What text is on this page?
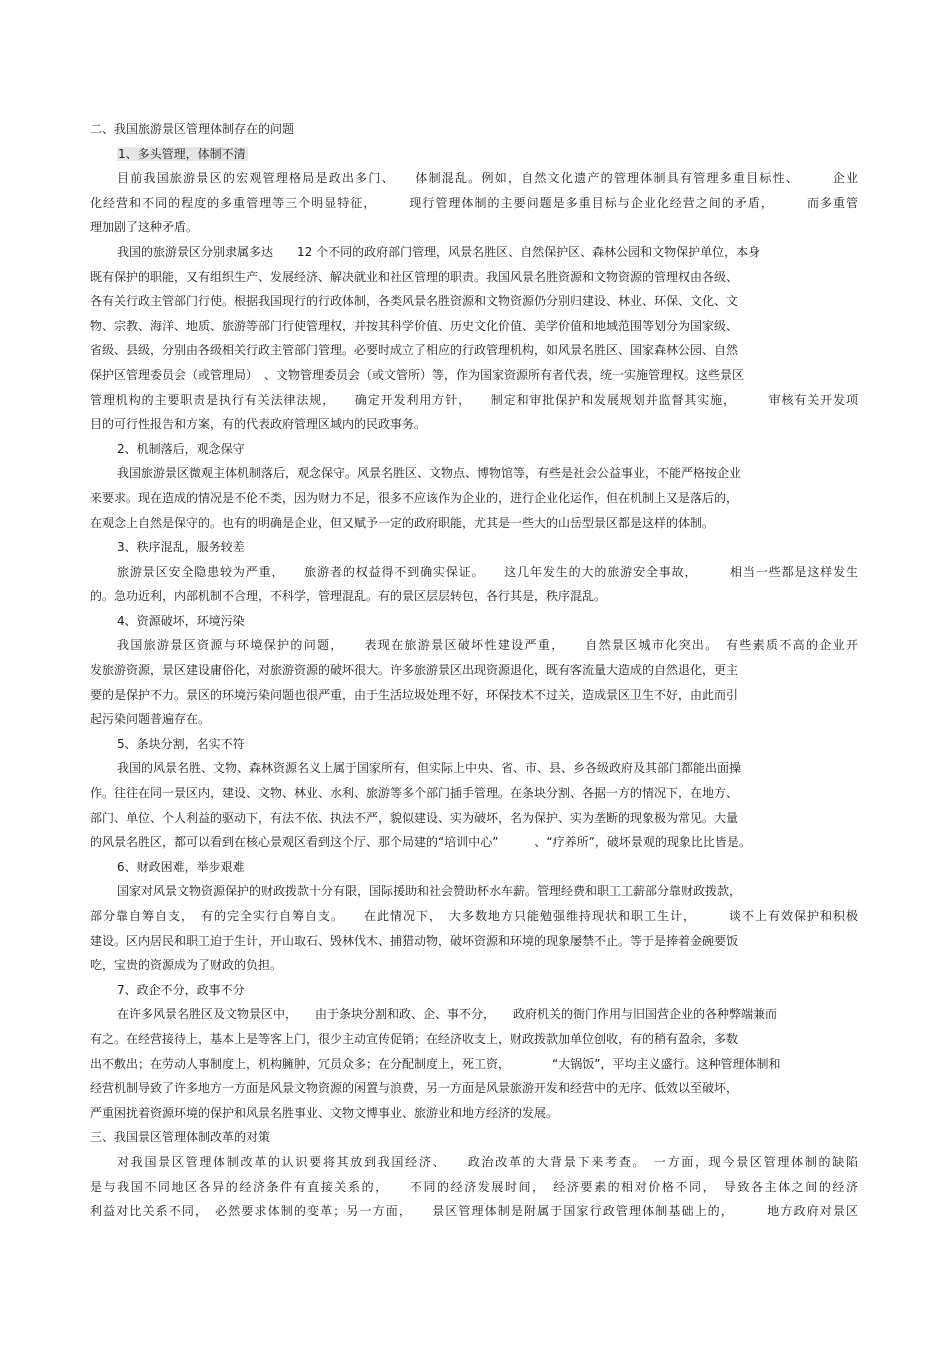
二、我国旅游景区管理体制存在的问题
1、多头管理，体制不清
目前我国旅游景区的宏观管理格局是政出多门、　　体制混乱。例如，自然文化遗产的管理体制具有管理多重目标性、　　　企业
化经营和不同的程度的多重管理等三个明显特征，　　　现行管理体制的主要问题是多重目标与企业化经营之间的矛盾，　　　而多重管
理加剧了这种矛盾。
我国的旅游景区分别隶属多达　　12 个不同的政府部门管理，风景名胜区、自然保护区、森林公园和文物保护单位，本身
既有保护的职能，又有组织生产、发展经济、解决就业和社区管理的职责。我国风景名胜资源和文物资源的管理权由各级、
各有关行政主管部门行使。根据我国现行的行政体制，各类风景名胜资源和文物资源仍分别归建设、林业、环保、文化、文
物、宗教、海洋、地质、旅游等部门行使管理权，并按其科学价值、历史文化价值、美学价值和地域范围等划分为国家级、
省级、县级，分别由各级相关行政主管部门管理。必要时成立了相应的行政管理机构，如风景名胜区、国家森林公园、自然
保护区管理委员会（或管理局）　、文物管理委员会（或文管所）等，作为国家资源所有者代表，统一实施管理权。这些景区
管理机构的主要职责是执行有关法律法规，　　确定开发利用方针，　　制定和审批保护和发展规划并监督其实施，　　　审核有关开发项
目的可行性报告和方案，有的代表政府管理区域内的民政事务。
2、机制落后，观念保守
我国旅游景区微观主体机制落后，观念保守。风景名胜区、文物点、博物馆等，有些是社会公益事业，不能严格按企业
来要求。现在造成的情况是不伦不类，因为财力不足，很多不应该作为企业的，进行企业化运作，但在机制上又是落后的，
在观念上自然是保守的。也有的明确是企业，但又赋予一定的政府职能，尤其是一些大的山岳型景区都是这样的体制。
3、秩序混乱，服务较差
旅游景区安全隐患较为严重，　　旅游者的权益得不到确实保证。　　这几年发生的大的旅游安全事故，　　　相当一些都是这样发生
的。急功近利，内部机制不合理，不科学，管理混乱。有的景区层层转包，各行其是，秩序混乱。
4、资源破坏，环境污染
我国旅游景区资源与环境保护的问题，　　表现在旅游景区破坏性建设严重，　　自然景区城市化突出。　有些素质不高的企业开
发旅游资源，景区建设庸俗化，对旅游资源的破坏很大。许多旅游景区出现资源退化，既有客流量大造成的自然退化，更主
要的是保护不力。景区的环境污染问题也很严重，由于生活垃圾处理不好，环保技术不过关，造成景区卫生不好，由此而引
起污染问题普遍存在。
5、条块分割，名实不符
我国的风景名胜、文物、森林资源名义上属于国家所有，但实际上中央、省、市、县、乡各级政府及其部门都能出面操
作。往往在同一景区内，建设、文物、林业、水利、旅游等多个部门插手管理。在条块分割、各据一方的情况下，在地方、
部门、单位、个人利益的驱动下，有法不依、执法不严，貌似建设、实为破坏，名为保护、实为垄断的现象极为常见。大量
的风景名胜区，都可以看到在核心景观区看到这个厅、那个局建的“培训中心”　　　、“疗养所”，破坏景观的现象比比皆是。
6、财政困难，举步艰难
国家对风景文物资源保护的财政拨款十分有限，国际援助和社会赞助杯水车薪。管理经费和职工工薪部分靠财政拨款，
部分靠自筹自支，　有的完全实行自筹自支。　　在此情况下，　大多数地方只能勉强维持现状和职工生计，　　　谈不上有效保护和积极
建设。区内居民和职工迫于生计，开山取石、毁林伐木、捕猎动物，破坏资源和环境的现象屡禁不止。等于是捧着金碗要饭
吃，宝贵的资源成为了财政的负担。
7、政企不分，政事不分
在许多风景名胜区及文物景区中，　　由于条块分割和政、企、事不分，　　政府机关的衙门作用与旧国营企业的各种弊端兼而
有之。在经营接待上，基本上是等客上门，很少主动宣传促销；在经济收支上，财政拨款加单位创收，有的稍有盈余，多数
出不敷出；在劳动人事制度上，机构臃肿，冗员众多；在分配制度上，死工资，　　　　“大锅饭”，平均主义盛行。这种管理体制和
经营机制导致了许多地方一方面是风景文物资源的闲置与浪费，另一方面是风景旅游开发和经营中的无序、低效以至破坏，
严重困扰着资源环境的保护和风景名胜事业、文物文博事业、旅游业和地方经济的发展。
三、我国景区管理体制改革的对策
对我国景区管理体制改革的认识要将其放到我国经济、　　政治改革的大背景下来考查。　一方面，现今景区管理体制的缺陷
是与我国不同地区各异的经济条件有直接关系的，　　不同的经济发展时间，　经济要素的相对价格不同，　导致各主体之间的经济
利益对比关系不同，　必然要求体制的变革；另一方面，　　景区管理体制是附属于国家行政管理体制基础上的，　　　地方政府对景区
